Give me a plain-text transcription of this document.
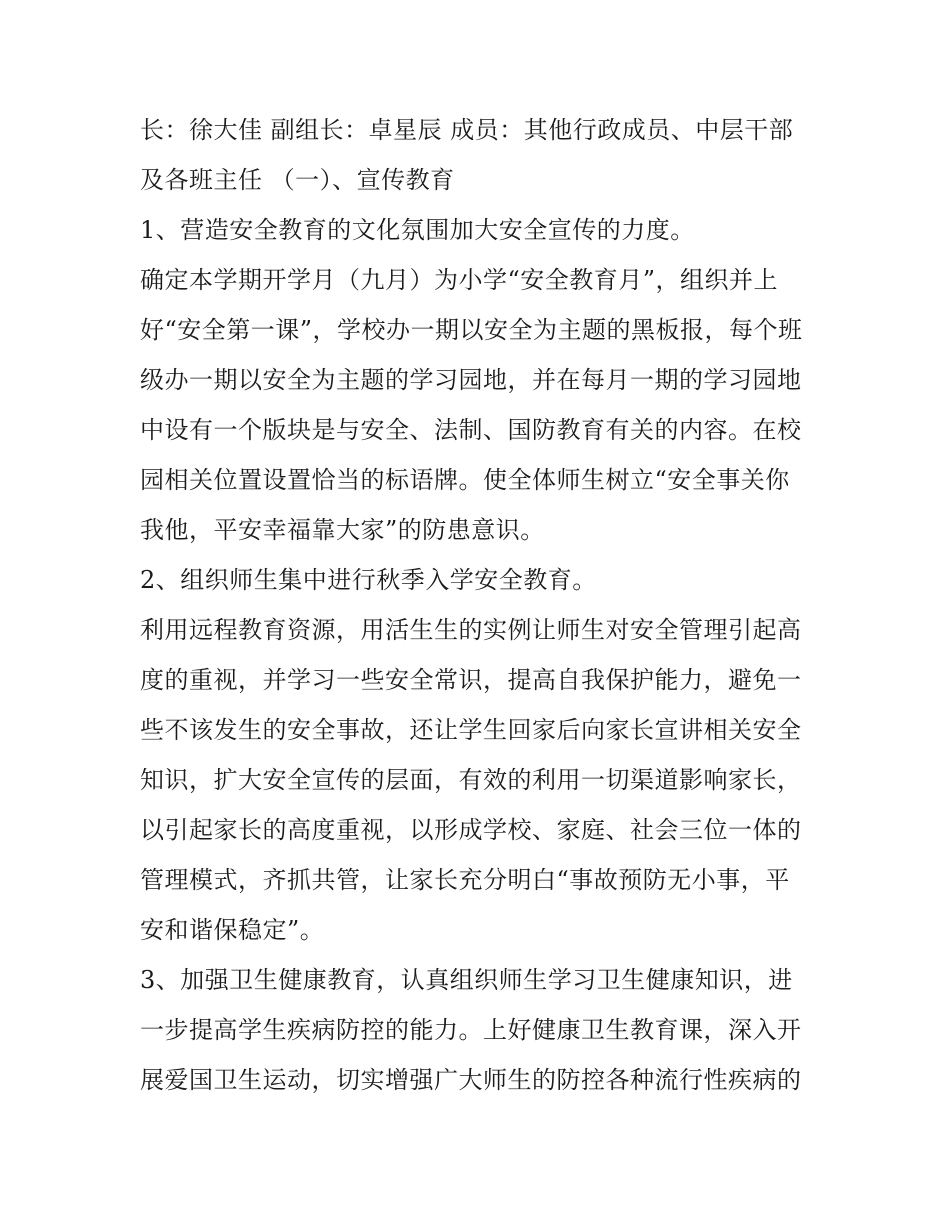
长：徐大佳 副组长：卓星辰 成员：其他行政成员、中层干部
及各班主任 （一）、宣传教育
1、营造安全教育的文化氛围加大安全宣传的力度。
确定本学期开学月（九月）为小学“安全教育月”，组织并上
好“安全第一课”，学校办一期以安全为主题的黑板报，每个班
级办一期以安全为主题的学习园地，并在每月一期的学习园地
中设有一个版块是与安全、法制、国防教育有关的内容。在校
园相关位置设置恰当的标语牌。使全体师生树立“安全事关你
我他，平安幸福靠大家”的防患意识。
2、组织师生集中进行秋季入学安全教育。
利用远程教育资源，用活生生的实例让师生对安全管理引起高
度的重视，并学习一些安全常识，提高自我保护能力，避免一
些不该发生的安全事故，还让学生回家后向家长宣讲相关安全
知识，扩大安全宣传的层面，有效的利用一切渠道影响家长，
以引起家长的高度重视，以形成学校、家庭、社会三位一体的
管理模式，齐抓共管，让家长充分明白“事故预防无小事，平
安和谐保稳定”。
3、加强卫生健康教育，认真组织师生学习卫生健康知识，进
一步提高学生疾病防控的能力。上好健康卫生教育课，深入开
展爱国卫生运动，切实增强广大师生的防控各种流行性疾病的
